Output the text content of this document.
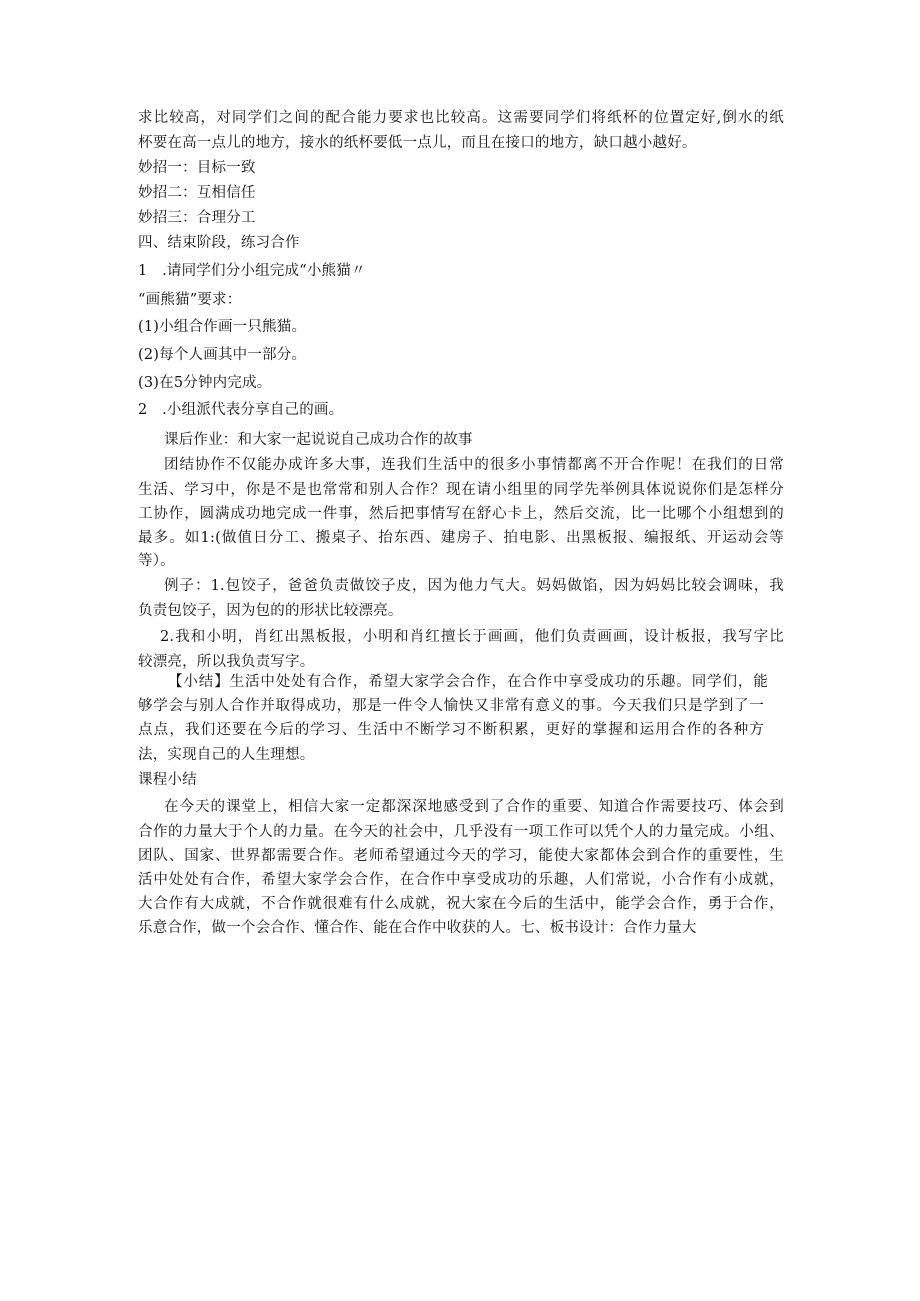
求比较高，对同学们之间的配合能力要求也比较高。这需要同学们将纸杯的位置定好,倒水的纸
杯要在高一点儿的地方，接水的纸杯要低一点儿，而且在接口的地方，缺口越小越好。
妙招一：目标一致
妙招二：互相信任
妙招三：合理分工
四、结束阶段，练习合作
1　.请同学们分小组完成“小熊猫〃
“画熊猫”要求：
(1)小组合作画一只熊猫。
(2)每个人画其中一部分。
(3)在5分钟内完成。
2　.小组派代表分享自己的画。
课后作业：和大家一起说说自己成功合作的故事
团结协作不仅能办成许多大事，连我们生活中的很多小事情都离不开合作呢！在我们的日常
生活、学习中，你是不是也常常和别人合作？现在请小组里的同学先举例具体说说你们是怎样分
工协作，圆满成功地完成一件事，然后把事情写在舒心卡上，然后交流，比一比哪个小组想到的
最多。如1:(做值日分工、搬桌子、抬东西、建房子、拍电影、出黑板报、编报纸、开运动会等
等）。
例子：1.包饺子，爸爸负责做饺子皮，因为他力气大。妈妈做馅，因为妈妈比较会调味，我
负责包饺子，因为包的的形状比较漂亮。
2.我和小明，肖红出黑板报，小明和肖红擅长于画画，他们负责画画，设计板报，我写字比
较漂亮，所以我负责写字。
【小结】生活中处处有合作，希望大家学会合作，在合作中享受成功的乐趣。同学们，能
够学会与别人合作并取得成功，那是一件令人愉快又非常有意义的事。今天我们只是学到了一
点点，我们还要在今后的学习、生活中不断学习不断积累，更好的掌握和运用合作的各种方
法，实现自己的人生理想。
课程小结
在今天的课堂上，相信大家一定都深深地感受到了合作的重要、知道合作需要技巧、体会到
合作的力量大于个人的力量。在今天的社会中，几乎没有一项工作可以凭个人的力量完成。小组、
团队、国家、世界都需要合作。老师希望通过今天的学习，能使大家都体会到合作的重要性，生
活中处处有合作，希望大家学会合作，在合作中享受成功的乐趣，人们常说，小合作有小成就，
大合作有大成就，不合作就很难有什么成就，祝大家在今后的生活中，能学会合作，勇于合作，
乐意合作，做一个会合作、懂合作、能在合作中收获的人。七、板书设计：合作力量大
